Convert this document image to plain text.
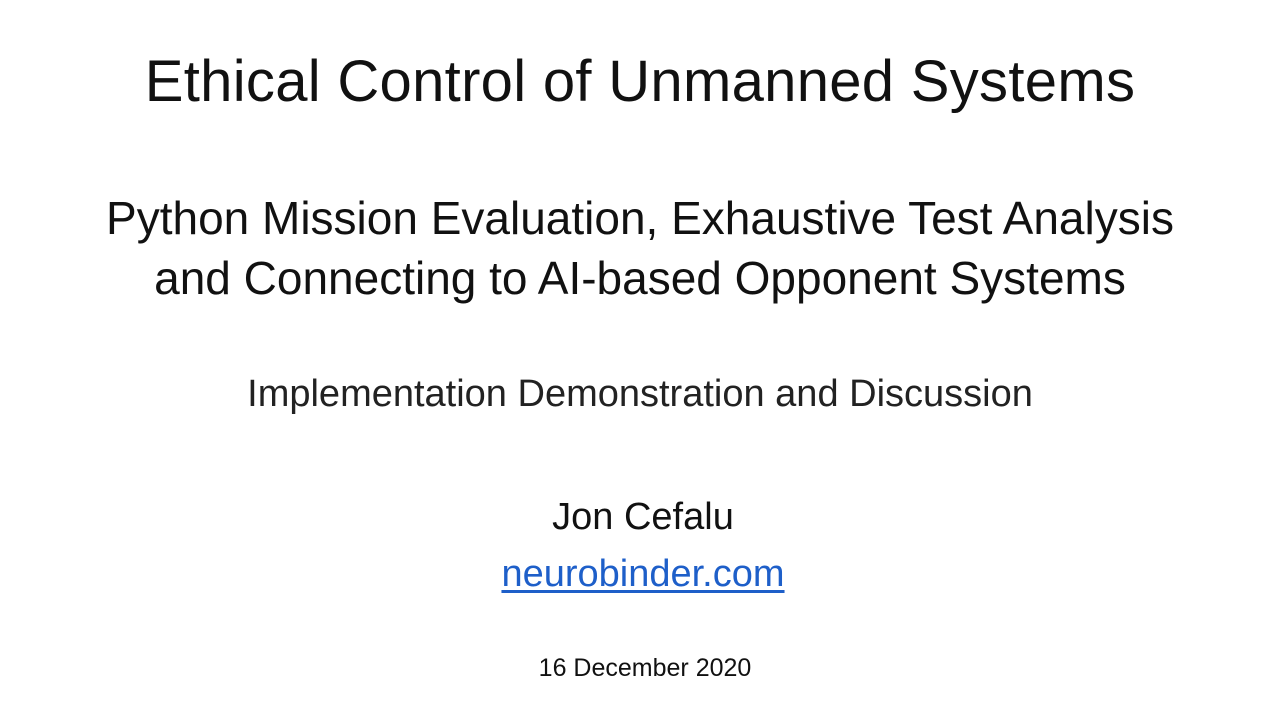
Ethical Control of Unmanned Systems
Python Mission Evaluation, Exhaustive Test Analysis
and Connecting to AI-based Opponent Systems
Implementation Demonstration and Discussion
Jon Cefalu
neurobinder.com
16 December 2020
